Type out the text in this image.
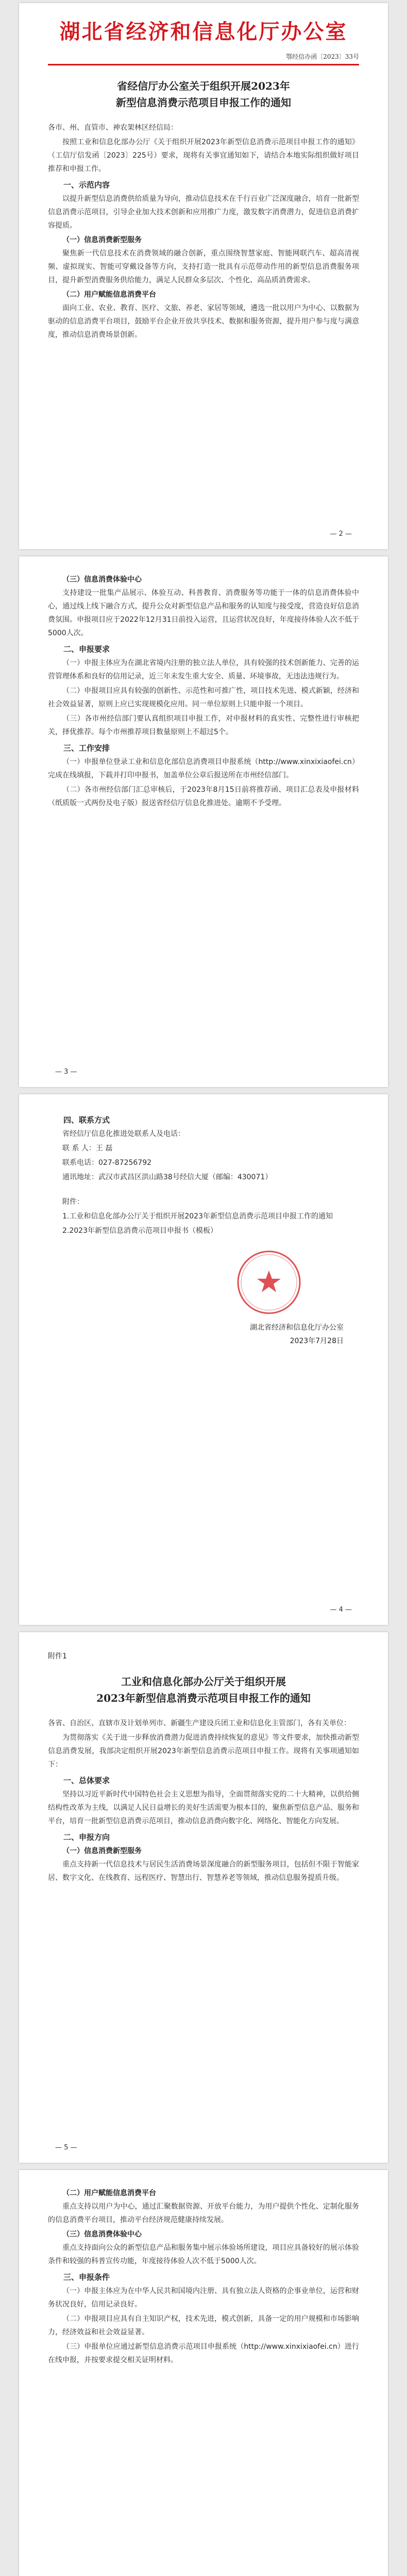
湖北省经济和信息化厅办公室
鄂经信办函〔2023〕33号
省经信厅办公室关于组织开展2023年
新型信息消费示范项目申报工作的通知

各市、州、直管市、神农架林区经信局：

按照工业和信息化部办公厅《关于组织开展2023年新型信息消费示范项目申报工作的通知》（工信厅信发函〔2023〕225号）要求，现将有关事宜通知如下，请结合本地实际组织做好项目推荐和申报工作。

一、示范内容

以提升新型信息消费供给质量为导向，推动信息技术在千行百业广泛深度融合，培育一批新型信息消费示范项目，引导企业加大技术创新和应用推广力度，激发数字消费潜力，促进信息消费扩容提质。

（一）信息消费新型服务

聚焦新一代信息技术在消费领域的融合创新，重点围绕智慧家庭、智能网联汽车、超高清视频、虚拟现实、智能可穿戴设备等方向，支持打造一批具有示范带动作用的新型信息消费服务项目，提升新型消费服务供给能力，满足人民群众多层次、个性化、高品质消费需求。

（二）用户赋能信息消费平台

面向工业、农业、教育、医疗、文旅、养老、家居等领域，遴选一批以用户为中心、以数据为驱动的信息消费平台项目，鼓励平台企业开放共享技术、数据和服务资源，提升用户参与度与满意度，推动信息消费场景创新。

— 2 —
（三）信息消费体验中心

支持建设一批集产品展示、体验互动、科普教育、消费服务等功能于一体的信息消费体验中心，通过线上线下融合方式，提升公众对新型信息产品和服务的认知度与接受度，营造良好信息消费氛围。申报项目应于2022年12月31日前投入运营，且运营状况良好，年度接待体验人次不低于5000人次。

二、申报要求

（一）申报主体应为在湖北省境内注册的独立法人单位，具有较强的技术创新能力、完善的运营管理体系和良好的信用记录，近三年未发生重大安全、质量、环境事故，无违法违规行为。

（二）申报项目应具有较强的创新性、示范性和可推广性，项目技术先进、模式新颖，经济和社会效益显著，原则上应已实现规模化应用。同一单位原则上只能申报一个项目。

（三）各市州经信部门要认真组织项目申报工作，对申报材料的真实性、完整性进行审核把关，择优推荐。每个市州推荐项目数量原则上不超过5个。

三、工作安排

（一）申报单位登录工业和信息化部信息消费项目申报系统（http://www.xinxixiaofei.cn）完成在线填报，下载并打印申报书，加盖单位公章后报送所在市州经信部门。

（二）各市州经信部门汇总审核后，于2023年8月15日前将推荐函、项目汇总表及申报材料（纸质版一式两份及电子版）报送省经信厅信息化推进处。逾期不予受理。

— 3 —
四、联系方式

省经信厅信息化推进处联系人及电话：

联 系 人：王 磊

联系电话：027-87256792

通讯地址：武汉市武昌区洪山路38号经信大厦（邮编：430071）

附件：

1.工业和信息化部办公厅关于组织开展2023年新型信息消费示范项目申报工作的通知

2.2023年新型信息消费示范项目申报书（模板）

湖北省经济和信息化厅办公室
2023年7月28日
— 4 —
附件1
工业和信息化部办公厅关于组织开展
2023年新型信息消费示范项目申报工作的通知

各省、自治区、直辖市及计划单列市、新疆生产建设兵团工业和信息化主管部门，各有关单位：

为贯彻落实《关于进一步释放消费潜力促进消费持续恢复的意见》等文件要求，加快推动新型信息消费发展，我部决定组织开展2023年新型信息消费示范项目申报工作。现将有关事项通知如下：

一、总体要求

坚持以习近平新时代中国特色社会主义思想为指导，全面贯彻落实党的二十大精神，以供给侧结构性改革为主线，以满足人民日益增长的美好生活需要为根本目的，聚焦新型信息产品、服务和平台，培育一批新型信息消费示范项目，推动信息消费向数字化、网络化、智能化方向发展。

二、申报方向
（一）信息消费新型服务

重点支持新一代信息技术与居民生活消费场景深度融合的新型服务项目，包括但不限于智能家居、数字文化、在线教育、远程医疗、智慧出行、智慧养老等领域，推动信息服务提质升级。

— 5 —
（二）用户赋能信息消费平台

重点支持以用户为中心，通过汇聚数据资源、开放平台能力，为用户提供个性化、定制化服务的信息消费平台项目，推动平台经济规范健康持续发展。

（三）信息消费体验中心

重点支持面向公众的新型信息产品和服务集中展示体验场所建设，项目应具备较好的展示体验条件和较强的科普宣传功能，年度接待体验人次不低于5000人次。

三、申报条件

（一）申报主体应为在中华人民共和国境内注册、具有独立法人资格的企事业单位，运营和财务状况良好，信用记录良好。

（二）申报项目应具有自主知识产权，技术先进，模式创新，具备一定的用户规模和市场影响力，经济效益和社会效益显著。

（三）申报单位应通过新型信息消费示范项目申报系统（http://www.xinxixiaofei.cn）进行在线申报，并按要求提交相关证明材料。
